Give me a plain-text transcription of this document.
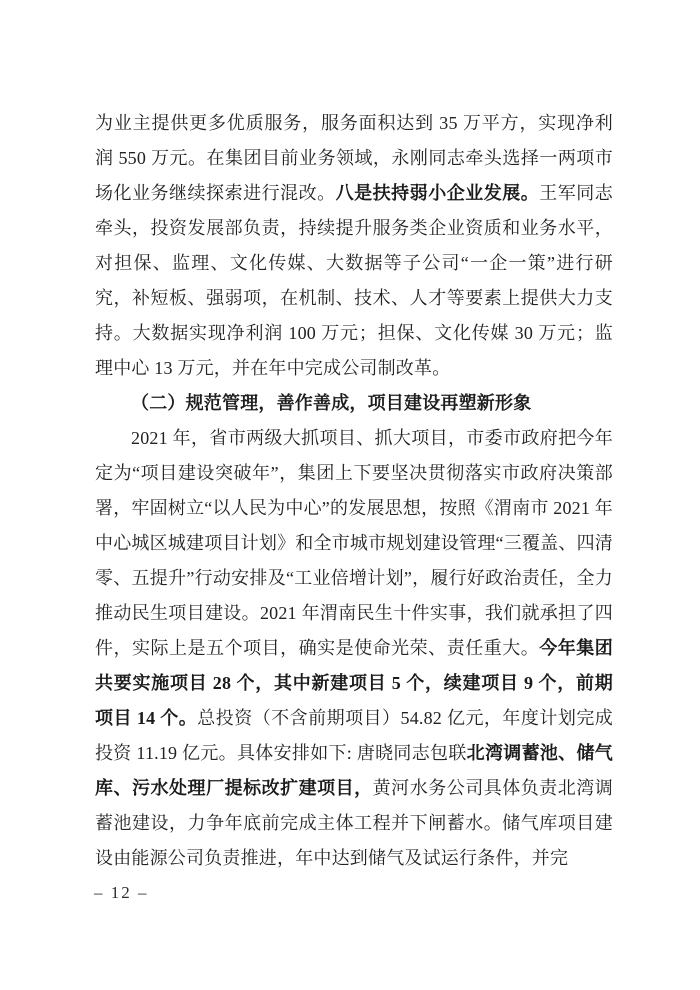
为业主提供更多优质服务，服务面积达到 35 万平方，实现净利润 550 万元。在集团目前业务领域，永刚同志牵头选择一两项市场化业务继续探索进行混改。八是扶持弱小企业发展。王军同志牵头，投资发展部负责，持续提升服务类企业资质和业务水平，对担保、监理、文化传媒、大数据等子公司“一企一策”进行研究，补短板、强弱项，在机制、技术、人才等要素上提供大力支持。大数据实现净利润 100 万元；担保、文化传媒 30 万元；监理中心 13 万元，并在年中完成公司制改革。

（二）规范管理，善作善成，项目建设再塑新形象

2021 年，省市两级大抓项目、抓大项目，市委市政府把今年定为“项目建设突破年”，集团上下要坚决贯彻落实市政府决策部署，牢固树立“以人民为中心”的发展思想，按照《渭南市 2021 年中心城区城建项目计划》和全市城市规划建设管理“三覆盖、四清零、五提升”行动安排及“工业倍增计划”，履行好政治责任，全力推动民生项目建设。2021 年渭南民生十件实事，我们就承担了四件，实际上是五个项目，确实是使命光荣、责任重大。今年集团共要实施项目 28 个，其中新建项目 5 个，续建项目 9 个，前期项目 14 个。总投资（不含前期项目）54.82 亿元，年度计划完成投资 11.19 亿元。具体安排如下: 唐晓同志包联北湾调蓄池、储气库、污水处理厂提标改扩建项目，黄河水务公司具体负责北湾调蓄池建设，力争年底前完成主体工程并下闸蓄水。储气库项目建设由能源公司负责推进，年中达到储气及试运行条件，并完

– 12 –
